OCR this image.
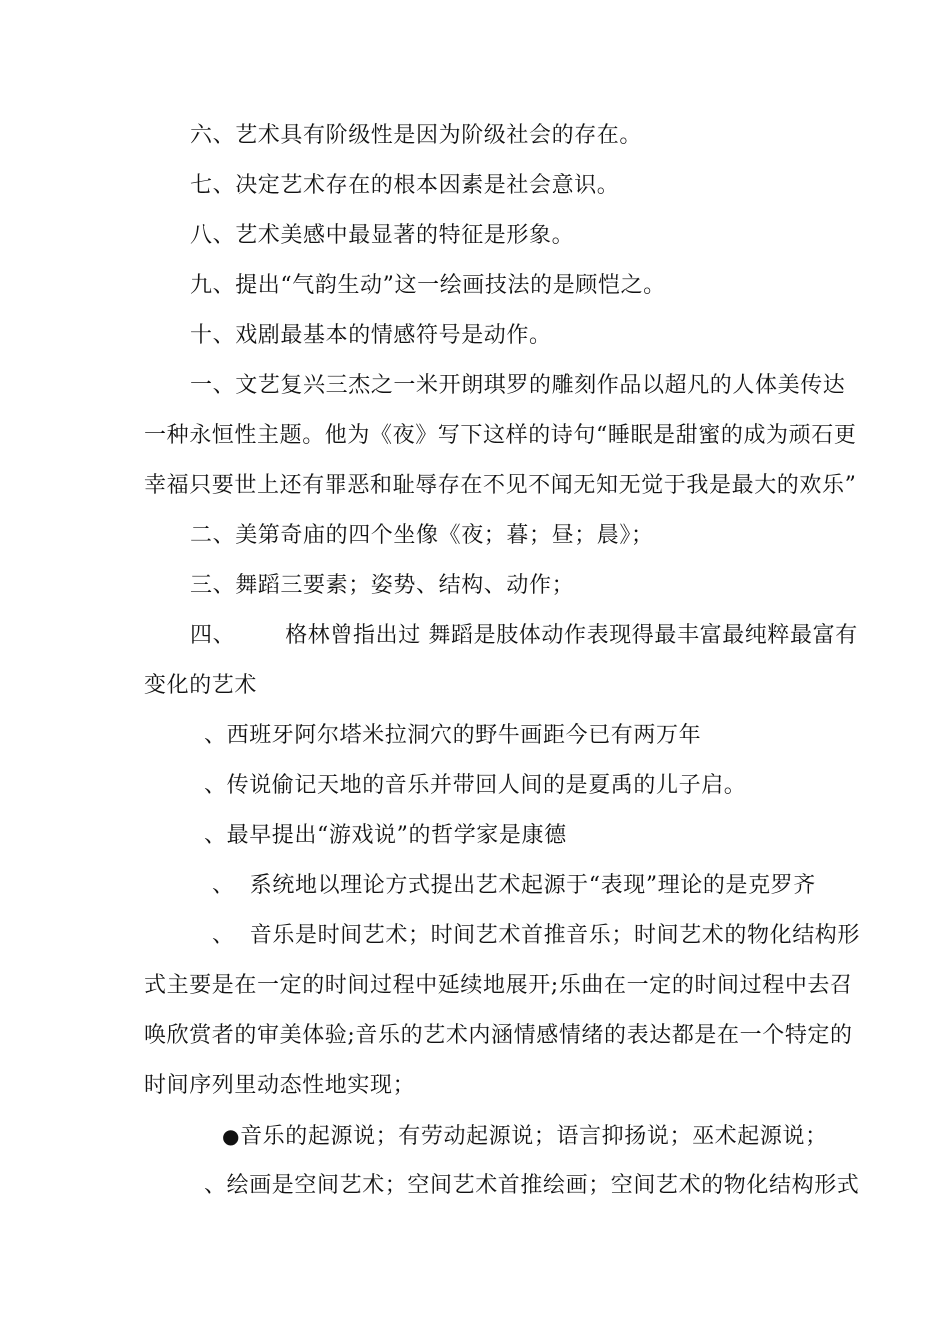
六、艺术具有阶级性是因为阶级社会的存在。
七、决定艺术存在的根本因素是社会意识。
八、艺术美感中最显著的特征是形象。
九、提出“气韵生动”这一绘画技法的是顾恺之。
十、戏剧最基本的情感符号是动作。
一、文艺复兴三杰之一米开朗琪罗的雕刻作品以超凡的人体美传达
一种永恒性主题。他为《夜》写下这样的诗句“睡眠是甜蜜的成为顽石更
幸福只要世上还有罪恶和耻辱存在不见不闻无知无觉于我是最大的欢乐”
二、美第奇庙的四个坐像《夜；暮；昼；晨》；
三、舞蹈三要素；姿势、结构、动作；
四、 格林曾指出过 舞蹈是肢体动作表现得最丰富最纯粹最富有
变化的艺术
、西班牙阿尔塔米拉洞穴的野牛画距今已有两万年
、传说偷记天地的音乐并带回人间的是夏禹的儿子启。
、最早提出“游戏说”的哲学家是康德
、  系统地以理论方式提出艺术起源于“表现”理论的是克罗齐
、  音乐是时间艺术；时间艺术首推音乐；时间艺术的物化结构形
式主要是在一定的时间过程中延续地展开;乐曲在一定的时间过程中去召
唤欣赏者的审美体验;音乐的艺术内涵情感情绪的表达都是在一个特定的
时间序列里动态性地实现；
●音乐的起源说；有劳动起源说；语言抑扬说；巫术起源说；
、绘画是空间艺术；空间艺术首推绘画；空间艺术的物化结构形式
